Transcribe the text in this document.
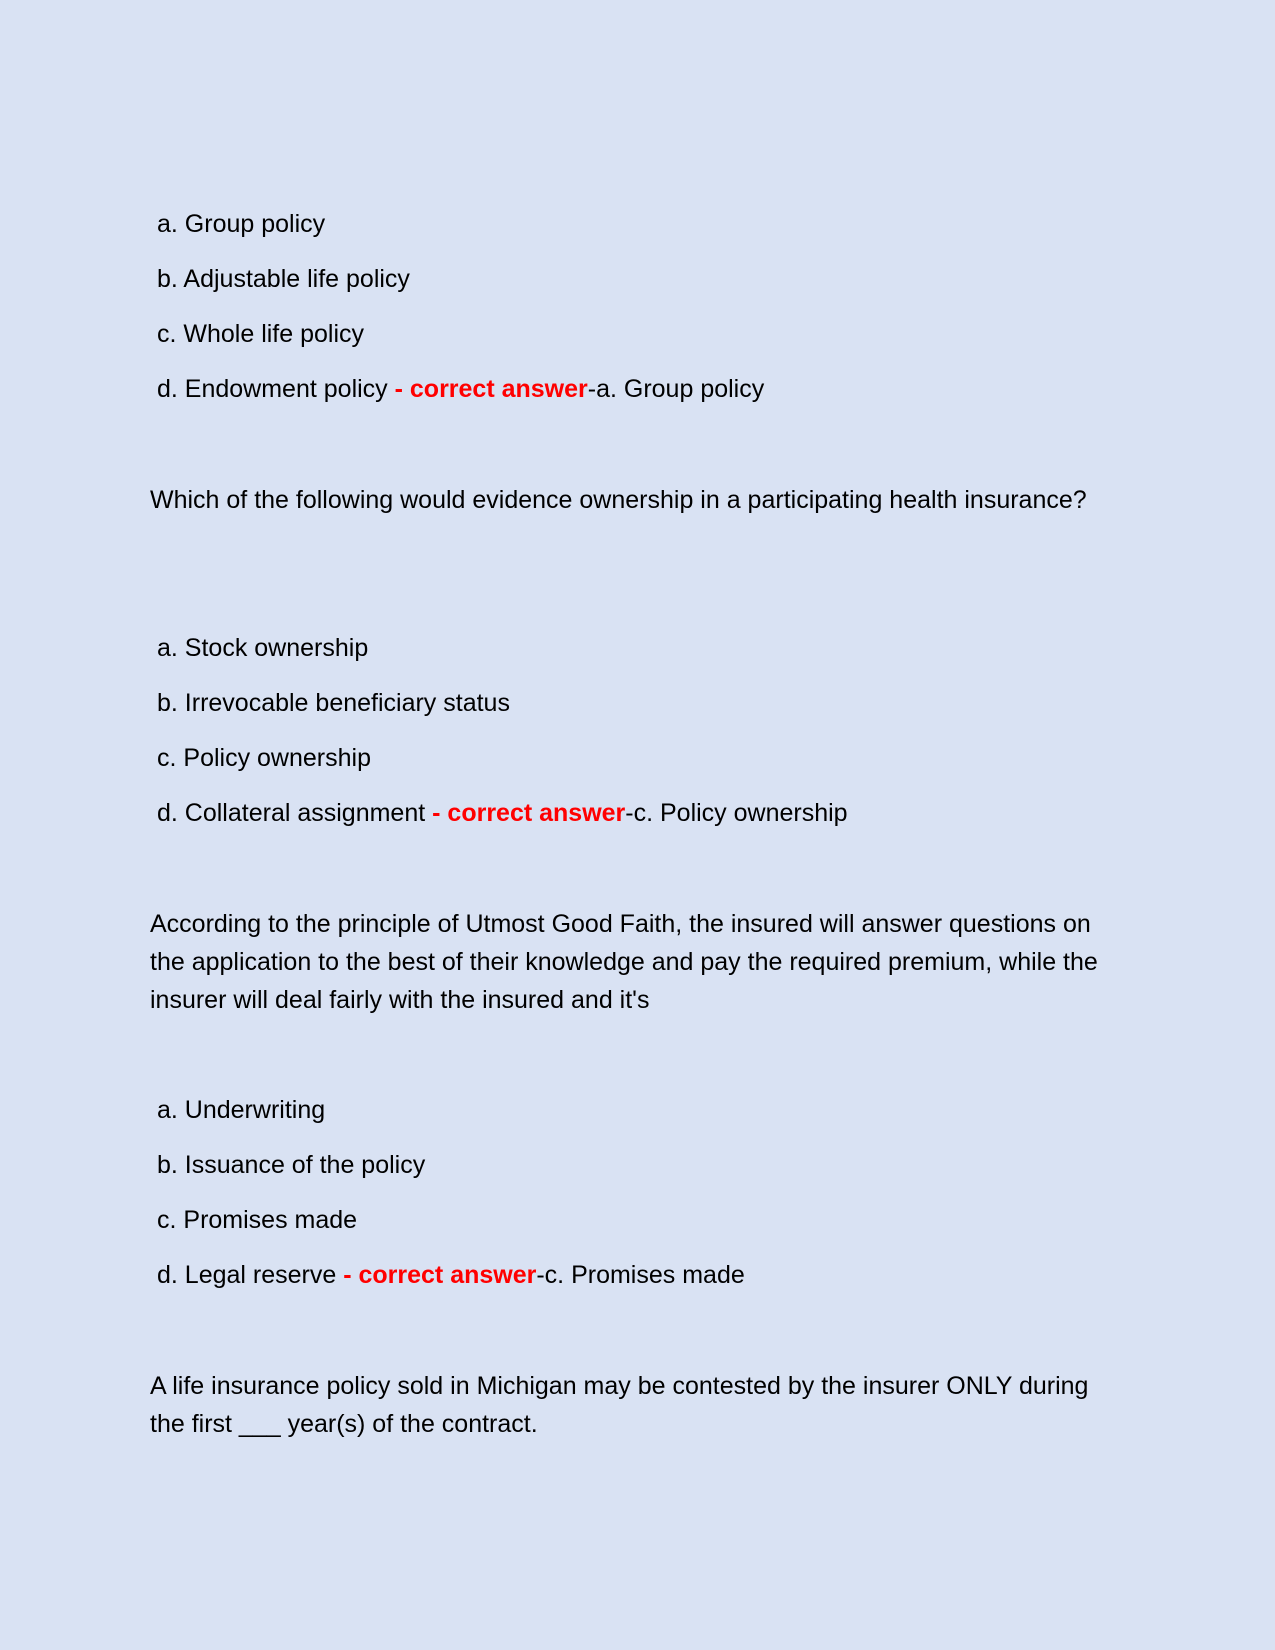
a. Group policy
b. Adjustable life policy
c. Whole life policy
d. Endowment policy - correct answer-a. Group policy
Which of the following would evidence ownership in a participating health insurance?
a. Stock ownership
b. Irrevocable beneficiary status
c. Policy ownership
d. Collateral assignment - correct answer-c. Policy ownership
According to the principle of Utmost Good Faith, the insured will answer questions on the application to the best of their knowledge and pay the required premium, while the insurer will deal fairly with the insured and it's
a. Underwriting
b. Issuance of the policy
c. Promises made
d. Legal reserve - correct answer-c. Promises made
A life insurance policy sold in Michigan may be contested by the insurer ONLY during the first ___ year(s) of the contract.
